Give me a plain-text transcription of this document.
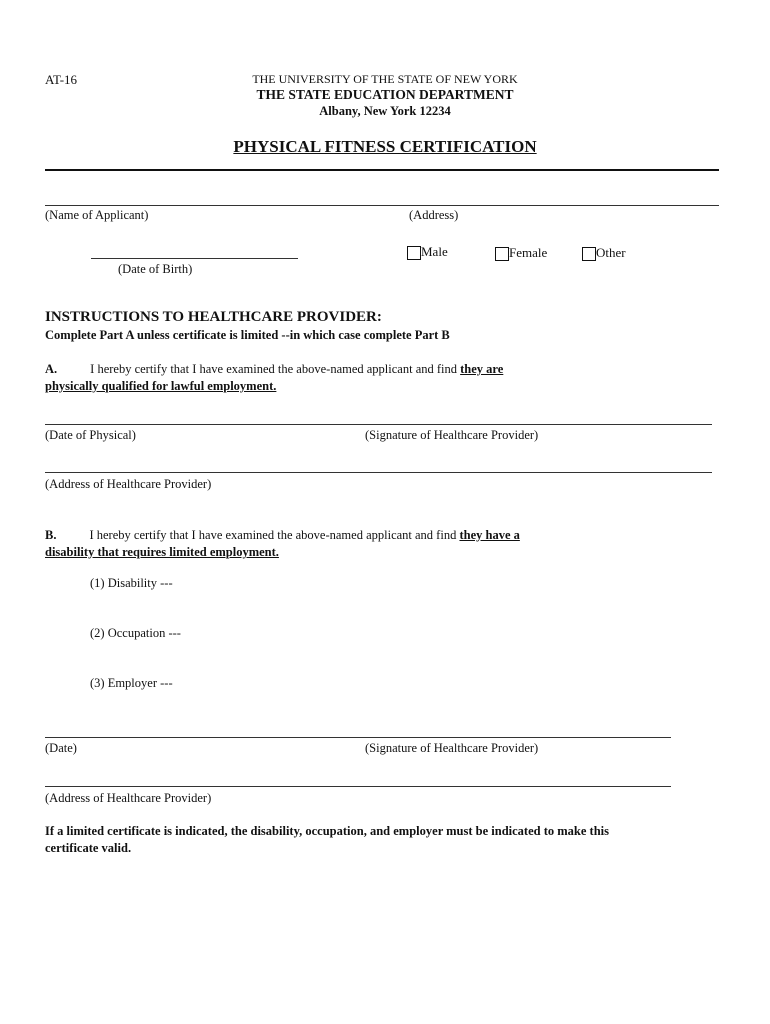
AT-16	THE UNIVERSITY OF THE STATE OF NEW YORK
THE STATE EDUCATION DEPARTMENT
Albany, New York 12234
PHYSICAL FITNESS CERTIFICATION
(Name of Applicant)	(Address)
(Date of Birth)
Male	Female	Other
INSTRUCTIONS TO HEALTHCARE PROVIDER:
Complete Part A unless certificate is limited --in which case complete Part B
A.	I hereby certify that I have examined the above-named applicant and find they are
physically qualified for lawful employment.
(Date of Physical)	(Signature of Healthcare Provider)
(Address of Healthcare Provider)
B.	I hereby certify that I have examined the above-named applicant and find they have a
disability that requires limited employment.
(1) Disability ---
(2) Occupation ---
(3) Employer ---
(Date)	(Signature of Healthcare Provider)
(Address of Healthcare Provider)
If a limited certificate is indicated, the disability, occupation, and employer must be indicated to make this
certificate valid.
